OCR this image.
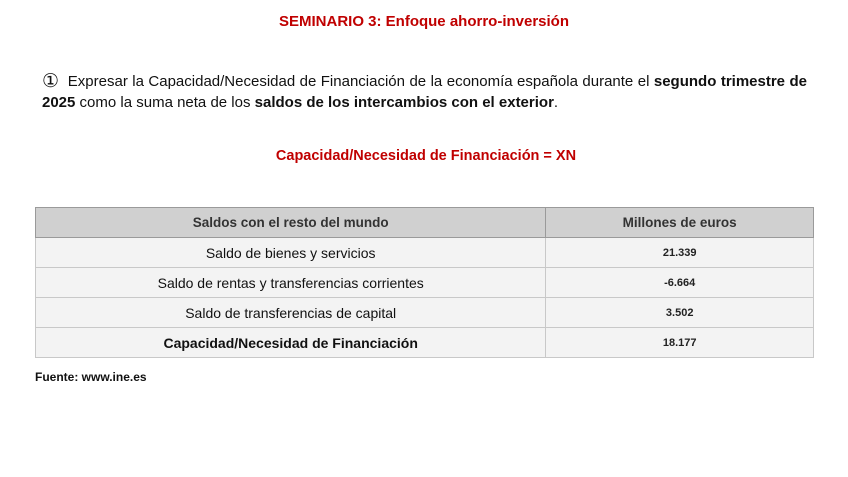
SEMINARIO 3: Enfoque ahorro-inversión

① Expresar la Capacidad/Necesidad de Financiación de la economía española durante el segundo trimestre de 2025 como la suma neta de los saldos de los intercambios con el exterior.

Capacidad/Necesidad de Financiación = XN
Saldos con el resto del mundo	Millones de euros
Saldo de bienes y servicios	21.339
Saldo de rentas y transferencias corrientes	-6.664
Saldo de transferencias de capital	3.502
Capacidad/Necesidad de Financiación	18.177
Fuente: www.ine.es
